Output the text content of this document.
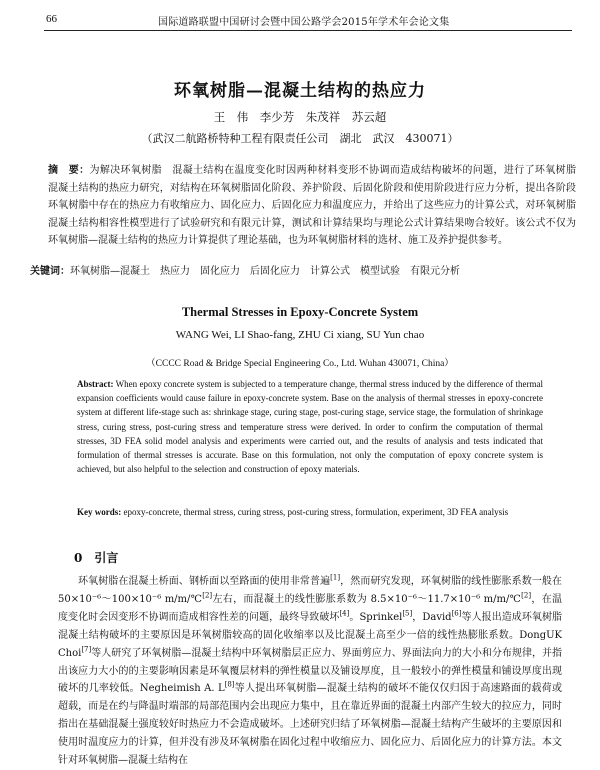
66	国际道路联盟中国研讨会暨中国公路学会2015年学术年会论文集
环氧树脂—混凝土结构的热应力
王　伟　李少芳　朱茂祥　苏云超
（武汉二航路桥特种工程有限责任公司　湖北　武汉　430071）
摘　要：为解决环氧树脂　混凝土结构在温度变化时因两种材料变形不协调而造成结构破坏的问题，进行了环氧树脂　混凝土结构的热应力研究，对结构在环氧树脂固化阶段、养护阶段、后固化阶段和使用阶段进行应力分析，提出各阶段环氧树脂中存在的热应力有收缩应力、固化应力、后固化应力和温度应力，并给出了这些应力的计算公式，对环氧树脂　混凝土结构相容性模型进行了试验研究和有限元计算，测试和计算结果均与理论公式计算结果吻合较好。该公式不仅为环氧树脂—混凝土结构的热应力计算提供了理论基础，也为环氧树脂材料的选材、施工及养护提供参考。
关键词：环氧树脂—混凝土　热应力　固化应力　后固化应力　计算公式　模型试验　有限元分析
Thermal Stresses in Epoxy-Concrete System
WANG Wei, LI Shao-fang, ZHU Ci xiang, SU Yun chao
（CCCC Road & Bridge Special Engineering Co., Ltd. Wuhan 430071, China）
Abstract: When epoxy concrete system is subjected to a temperature change, thermal stress induced by the difference of thermal expansion coefficients would cause failure in epoxy-concrete system. Base on the analysis of thermal stresses in epoxy-concrete system at different life-stage such as: shrinkage stage, curing stage, post-curing stage, service stage, the formulation of shrinkage stress, curing stress, post-curing stress and temperature stress were derived. In order to confirm the computation of thermal stresses, 3D FEA solid model analysis and experiments were carried out, and the results of analysis and tests indicated that formulation of thermal stresses is accurate. Base on this formulation, not only the computation of epoxy concrete system is achieved, but also helpful to the selection and construction of epoxy materials.
Key words: epoxy-concrete, thermal stress, curing stress, post-curing stress, formulation, experiment, 3D FEA analysis
0　引言
环氧树脂在混凝土桥面、钢桥面以至路面的使用非常普遍[1]，然而研究发现，环氧树脂的线性膨胀系数一般在 50×10⁻⁶～100×10⁻⁶ m/m/℃[2]左右，而混凝土的线性膨胀系数为 8.5×10⁻⁶～11.7×10⁻⁶ m/m/℃[2]，在温度变化时会因变形不协调而造成相容性差的问题，最终导致破坏[4]。Sprinkel[5]，David[6]等人报出造成环氧树脂　混凝土结构破坏的主要原因是环氧树脂较高的固化收缩率以及比混凝土高至少一倍的线性热膨胀系数。DongUK Choi[7]等人研究了环氧树脂—混凝土结构中环氧树脂层正应力、界面剪应力、界面法向力的大小和分布规律，并指出该应力大小的的主要影响因素是环氧覆层材料的弹性模量以及铺设厚度，且一般较小的弹性模量和铺设厚度出现破坏的几率较低。Negheimish A. L[8]等人提出环氧树脂—混凝土结构的破坏不能仅仅归因于高速路面的载荷或超载，而是在约与降温时端部的局部范围内会出现应力集中，且在靠近界面的混凝土内部产生较大的拉应力，同时指出在基础混凝土强度较好时热应力不会造成破坏。上述研究归结了环氧树脂—混凝土结构产生破坏的主要原因和使用时温度应力的计算，但并没有涉及环氧树脂在固化过程中收缩应力、固化应力、后固化应力的计算方法。本文针对环氧树脂—混凝土结构在
